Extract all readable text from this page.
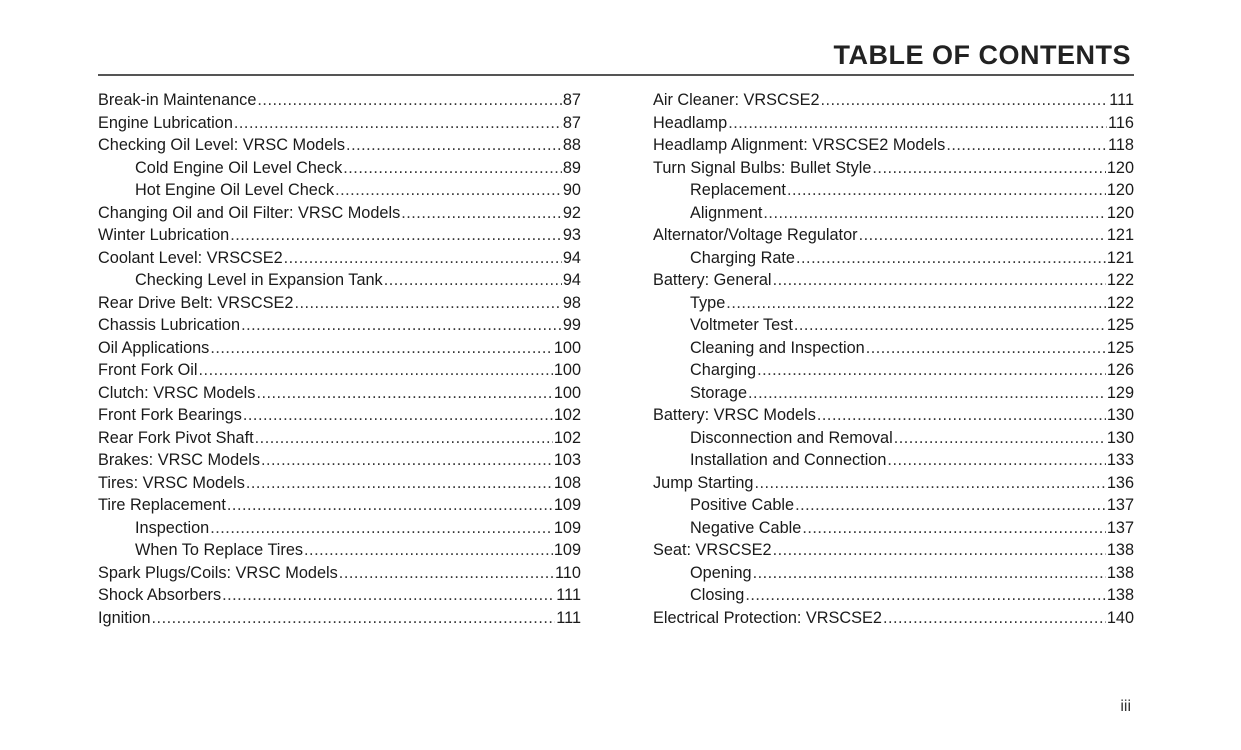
TABLE OF CONTENTS
Break-in Maintenance .....	87
Engine Lubrication .....	87
Checking Oil Level: VRSC Models .....	88
Cold Engine Oil Level Check .....	89
Hot Engine Oil Level Check .....	90
Changing Oil and Oil Filter: VRSC Models .....	92
Winter Lubrication .....	93
Coolant Level: VRSCSE2 .....	94
Checking Level in Expansion Tank .....	94
Rear Drive Belt: VRSCSE2 .....	98
Chassis Lubrication .....	99
Oil Applications .....	100
Front Fork Oil .....	100
Clutch: VRSC Models .....	100
Front Fork Bearings .....	102
Rear Fork Pivot Shaft .....	102
Brakes: VRSC Models .....	103
Tires: VRSC Models .....	108
Tire Replacement .....	109
Inspection .....	109
When To Replace Tires .....	109
Spark Plugs/Coils: VRSC Models .....	110
Shock Absorbers .....	111
Ignition .....	111
Air Cleaner: VRSCSE2 .....	111
Headlamp .....	116
Headlamp Alignment: VRSCSE2 Models .....	118
Turn Signal Bulbs: Bullet Style .....	120
Replacement .....	120
Alignment .....	120
Alternator/Voltage Regulator .....	121
Charging Rate .....	121
Battery: General .....	122
Type .....	122
Voltmeter Test .....	125
Cleaning and Inspection .....	125
Charging .....	126
Storage .....	129
Battery: VRSC Models .....	130
Disconnection and Removal .....	130
Installation and Connection .....	133
Jump Starting .....	136
Positive Cable .....	137
Negative Cable .....	137
Seat: VRSCSE2 .....	138
Opening .....	138
Closing .....	138
Electrical Protection: VRSCSE2 .....	140
iii
